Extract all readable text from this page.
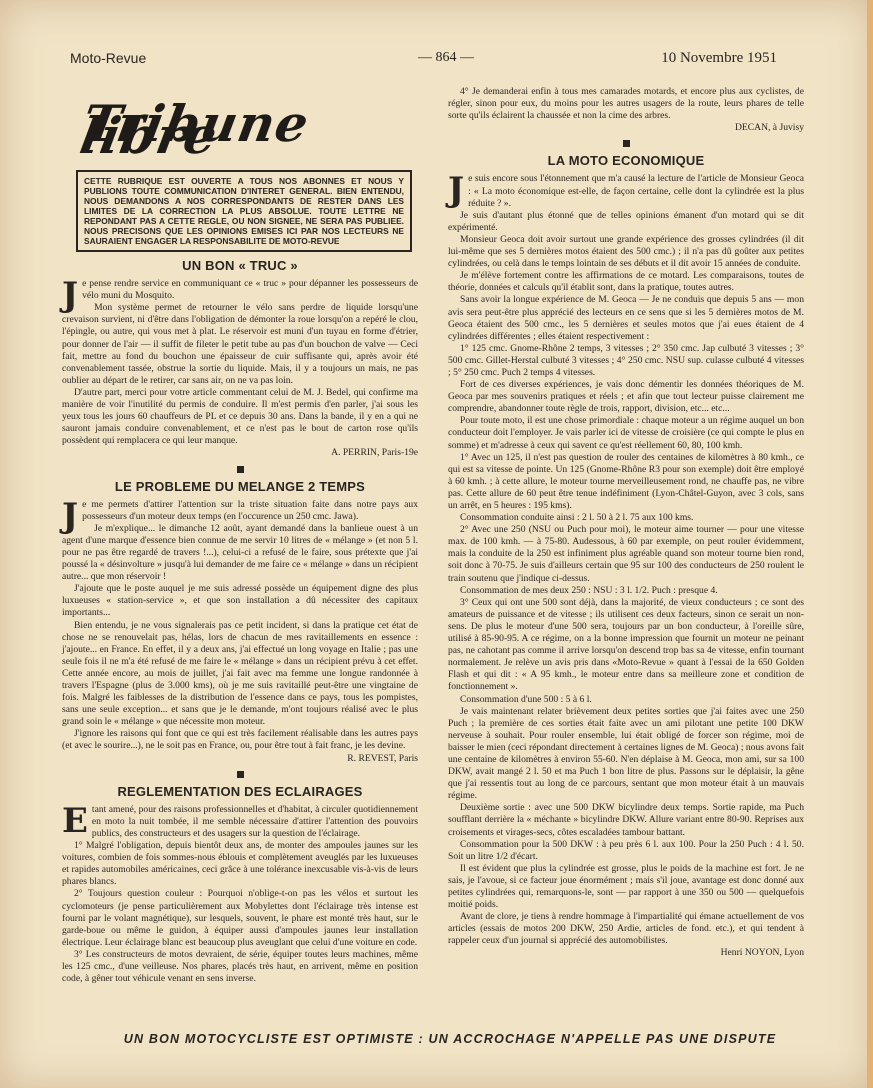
Moto-Revue	— 864 —	10 Novembre 1951
Tribune libre
CETTE RUBRIQUE EST OUVERTE A TOUS NOS ABONNES ET NOUS Y PUBLIONS TOUTE COMMUNICATION D'INTERET GENERAL. BIEN ENTENDU, NOUS DEMANDONS A NOS CORRESPONDANTS DE RESTER DANS LES LIMITES DE LA CORRECTION LA PLUS ABSOLUE. TOUTE LETTRE NE REPONDANT PAS A CETTE REGLE, OU NON SIGNEE, NE SERA PAS PUBLIEE. NOUS PRECISONS QUE LES OPINIONS EMISES ICI PAR NOS LECTEURS NE SAURAIENT ENGAGER LA RESPONSABILITE DE MOTO-REVUE
UN BON « TRUC »

Je pense rendre service en communiquant ce « truc » pour dépanner les possesseurs de vélo muni du Mosquito.

Mon système permet de retourner le vélo sans perdre de liquide lorsqu'une crevaison survient, ni d'être dans l'obligation de démonter la roue lorsqu'on a repéré le clou, l'épingle, ou autre, qui vous met à plat. Le réservoir est muni d'un tuyau en forme d'étrier, pour donner de l'air — il suffit de fileter le petit tube au pas d'un bouchon de valve — Ceci fait, mettre au fond du bouchon une épaisseur de cuir suffisante qui, après avoir été convenablement tassée, obstrue la sortie du liquide. Mais, il y a toujours un mais, ne pas oublier au départ de le retirer, car sans air, on ne va pas loin.

D'autre part, merci pour votre article commentant celui de M. J. Bedel, qui confirme ma manière de voir l'inutilité du permis de conduire. Il m'est permis d'en parler, j'ai sous les yeux tous les jours 60 chauffeurs de PL et ce depuis 30 ans. Dans la bande, il y en a qui ne sauront jamais conduire convenablement, et ce n'est pas le bout de carton rose qu'ils possèdent qui remplacera ce qui leur manque.

A. PERRIN, Paris-19e

LE PROBLEME DU MELANGE 2 TEMPS

Je me permets d'attirer l'attention sur la triste situation faite dans notre pays aux possesseurs d'un moteur deux temps (en l'occurence un 250 cmc. Jawa).

Je m'explique... le dimanche 12 août, ayant demandé dans la banlieue ouest à un agent d'une marque d'essence bien connue de me servir 10 litres de « mélange » (et non 5 l. pour ne pas être regardé de travers !...), celui-ci a refusé de le faire, sous prétexte que j'ai poussé la « désinvolture » jusqu'à lui demander de me faire ce « mélange » dans un récipient autre... que mon réservoir !

J'ajoute que le poste auquel je me suis adressé possède un équipement digne des plus luxueuses « station-service », et que son installation a dû nécessiter des capitaux importants...

Bien entendu, je ne vous signalerais pas ce petit incident, si dans la pratique cet état de chose ne se renouvelait pas, hélas, lors de chacun de mes ravitaillements en essence : j'ajoute... en France. En effet, il y a deux ans, j'ai effectué un long voyage en Italie ; pas une seule fois il ne m'a été refusé de me faire le « mélange » dans un récipient prévu à cet effet. Cette année encore, au mois de juillet, j'ai fait avec ma femme une longue randonnée à travers l'Espagne (plus de 3.000 kms), où je me suis ravitaillé peut-être une vingtaine de fois. Malgré les faiblesses de la distribution de l'essence dans ce pays, tous les pompistes, sans une seule exception... et sans que je le demande, m'ont toujours réalisé avec le plus grand soin le « mélange » que nécessite mon moteur.

J'ignore les raisons qui font que ce qui est très facilement réalisable dans les autres pays (et avec le sourire...), ne le soit pas en France, ou, pour être tout à fait franc, je les devine.

R. REVEST, Paris

REGLEMENTATION DES ECLAIRAGES

Etant amené, pour des raisons professionnelles et d'habitat, à circuler quotidiennement en moto la nuit tombée, il me semble nécessaire d'attirer l'attention des pouvoirs publics, des constructeurs et des usagers sur la question de l'éclairage.

1° Malgré l'obligation, depuis bientôt deux ans, de monter des ampoules jaunes sur les voitures, combien de fois sommes-nous éblouis et complètement aveuglés par les luxueuses et rapides automobiles américaines, ceci grâce à une tolérance inexcusable vis-à-vis de leurs phares blancs.

2° Toujours question couleur : Pourquoi n'oblige-t-on pas les vélos et surtout les cyclomoteurs (je pense particulièrement aux Mobylettes dont l'éclairage très intense est fourni par le volant magnétique), sur lesquels, souvent, le phare est monté très haut, sur le garde-boue ou même le guidon, à équiper aussi d'ampoules jaunes leur installation électrique. Leur éclairage blanc est beaucoup plus aveuglant que celui d'une voiture en code.

3° Les constructeurs de motos devraient, de série, équiper toutes leurs machines, même les 125 cmc., d'une veilleuse. Nos phares, placés très haut, en arrivent, même en position code, à gêner tout véhicule venant en sens inverse.

4° Je demanderai enfin à tous mes camarades motards, et encore plus aux cyclistes, de régler, sinon pour eux, du moins pour les autres usagers de la route, leurs phares de telle sorte qu'ils éclairent la chaussée et non la cime des arbres.

DECAN, à Juvisy

LA MOTO ECONOMIQUE

Je suis encore sous l'étonnement que m'a causé la lecture de l'article de Monsieur Geoca : « La moto économique est-elle, de façon certaine, celle dont la cylindrée est la plus réduite ? ».

Je suis d'autant plus étonné que de telles opinions émanent d'un motard qui se dit expérimenté.

Monsieur Geoca doit avoir surtout une grande expérience des grosses cylindrées (il dit lui-même que ses 5 dernières motos étaient des 500 cmc.) ; il n'a pas dû goûter aux petites cylindrées, ou celà dans le temps lointain de ses débuts et il dit avoir 15 années de conduite.

Je m'élève fortement contre les affirmations de ce motard. Les comparaisons, toutes de théorie, données et calculs qu'il établit sont, dans la pratique, toutes autres.

Sans avoir la longue expérience de M. Geoca — Je ne conduis que depuis 5 ans — mon avis sera peut-être plus apprécié des lecteurs en ce sens que si les 5 dernières motos de M. Geoca étaient des 500 cmc., les 5 dernières et seules motos que j'ai eues étaient de 4 cylindrées différentes ; elles étaient respectivement :

1° 125 cmc. Gnome-Rhône 2 temps, 3 vitesses ; 2° 350 cmc. Jap culbuté 3 vitesses ; 3° 500 cmc. Gillet-Herstal culbuté 3 vitesses ; 4° 250 cmc. NSU sup. culasse culbuté 4 vitesses ; 5° 250 cmc. Puch 2 temps 4 vitesses.

Fort de ces diverses expériences, je vais donc démentir les données théoriques de M. Geoca par mes souvenirs pratiques et réels ; et afin que tout lecteur puisse clairement me comprendre, abandonner toute règle de trois, rapport, division, etc... etc...

Pour toute moto, il est une chose primordiale : chaque moteur a un régime auquel un bon conducteur doit l'employer. Je vais parler ici de vitesse de croisière (ce qui compte le plus en somme) et m'adresse à ceux qui savent ce qu'est réellement 60, 80, 100 kmh.

1° Avec un 125, il n'est pas question de rouler des centaines de kilomètres à 80 kmh., ce qui est sa vitesse de pointe. Un 125 (Gnome-Rhône R3 pour son exemple) doit être employé à 60 kmh. ; à cette allure, le moteur tourne merveilleusement rond, ne chauffe pas, ne vibre pas. Cette allure de 60 peut être tenue indéfiniment (Lyon-Châtel-Guyon, avec 3 cols, sans un arrêt, en 5 heures : 195 kms).

Consommation conduite ainsi : 2 l. 50 à 2 l. 75 aux 100 kms.

2° Avec une 250 (NSU ou Puch pour moi), le moteur aime tourner — pour une vitesse max. de 100 kmh. — à 75-80. Audessous, à 60 par exemple, on peut rouler évidemment, mais la conduite de la 250 est infiniment plus agréable quand son moteur tourne bien rond, soit donc à 70-75. Je suis d'ailleurs certain que 95 sur 100 des conducteurs de 250 roulent le train soutenu que j'indique ci-dessus.

Consommation de mes deux 250 : NSU : 3 l. 1/2. Puch : presque 4.

3° Ceux qui ont une 500 sont déjà, dans la majorité, de vieux conducteurs ; ce sont des amateurs de puissance et de vitesse ; ils utilisent ces deux facteurs, sinon ce serait un non-sens. De plus le moteur d'une 500 sera, toujours par un bon conducteur, à l'oreille sûre, utilisé à 85-90-95. A ce régime, on a la bonne impression que fournit un moteur ne peinant pas, ne cahotant pas comme il arrive lorsqu'on descend trop bas sa 4e vitesse, enfin tournant normalement. Je relève un avis pris dans «Moto-Revue » quant à l'essai de la 650 Golden Flash et qui dit : « A 95 kmh., le moteur entre dans sa meilleure zone et condition de fonctionnement ».

Consommation d'une 500 : 5 à 6 l.

Je vais maintenant relater brièvement deux petites sorties que j'ai faites avec une 250 Puch ; la première de ces sorties était faite avec un ami pilotant une petite 100 DKW nerveuse à souhait. Pour rouler ensemble, lui était obligé de forcer son régime, moi de baisser le mien (ceci répondant directement à certaines lignes de M. Geoca) ; nous avons fait une centaine de kilomètres à environ 55-60. N'en déplaise à M. Geoca, mon ami, sur sa 100 DKW, avait mangé 2 l. 50 et ma Puch 1 bon litre de plus. Passons sur le déplaisir, la gêne que j'ai ressentis tout au long de ce parcours, sentant que mon moteur était à un mauvais régime.

Deuxième sortie : avec une 500 DKW bicylindre deux temps. Sortie rapide, ma Puch soufflant derrière la « méchante » bicylindre DKW. Allure variant entre 80-90. Reprises aux croisements et virages-secs, côtes escaladées tambour battant.

Consommation pour la 500 DKW : à peu près 6 l. aux 100. Pour la 250 Puch : 4 l. 50. Soit un litre 1/2 d'écart.

Il est évident que plus la cylindrée est grosse, plus le poids de la machine est fort. Je ne sais, je l'avoue, si ce facteur joue énormément ; mais s'il joue, avantage est donc donné aux petites cylindrées qui, remarquons-le, sont — par rapport à une 350 ou 500 — quelquefois moitié poids.

Avant de clore, je tiens à rendre hommage à l'impartialité qui émane actuellement de vos articles (essais de motos 200 DKW, 250 Ardie, articles de fond. etc.), et qui tendent à rappeler ceux d'un journal si apprécié des automobilistes.

Henri NOYON, Lyon

UN BON MOTOCYCLISTE EST OPTIMISTE : UN ACCROCHAGE N'APPELLE PAS UNE DISPUTE
